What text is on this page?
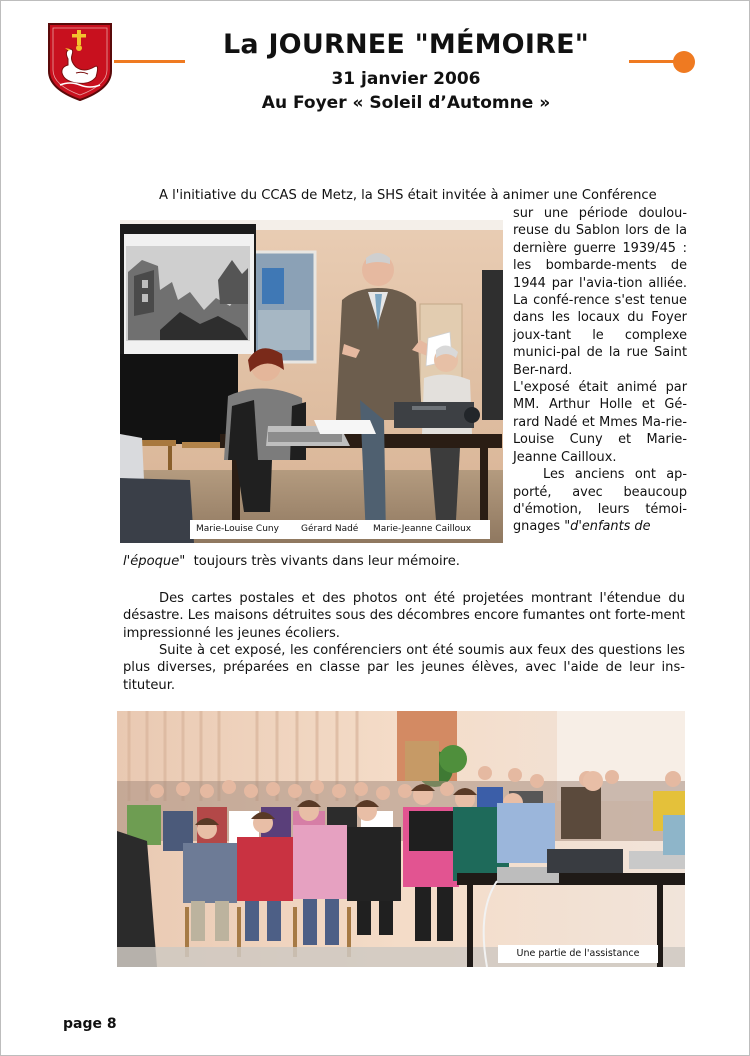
La JOURNEE "MÉMOIRE"
31 janvier 2006
Au Foyer « Soleil d’Automne »
A l'initiative du CCAS de Metz, la SHS était invitée à animer une Conférence
Marie-Louise Cuny Gérard Nadé Marie-Jeanne Cailloux

sur une période doulou-reuse du Sablon lors de la dernière guerre 1939/45 : les bombarde-ments de 1944 par l'avia-tion alliée. La confé-rence s'est tenue dans les locaux du Foyer joux-tant le complexe munici-pal de la rue Saint Ber-nard.

L'exposé était animé par MM. Arthur Holle et Gé-rard Nadé et Mmes Ma-rie-Louise Cuny et Marie-Jeanne Cailloux.

Les anciens ont ap-porté, avec beaucoup d'émotion, leurs témoi-gnages "d'enfants de

l'époque" toujours très vivants dans leur mémoire.
Des cartes postales et des photos ont été projetées montrant l'étendue du désastre. Les maisons détruites sous des décombres encore fumantes ont forte-ment impressionné les jeunes écoliers.
Suite à cet exposé, les conférenciers ont été soumis aux feux des questions les plus diverses, préparées en classe par les jeunes élèves, avec l'aide de leur ins-tituteur.
Une partie de l'assistance
page 8
